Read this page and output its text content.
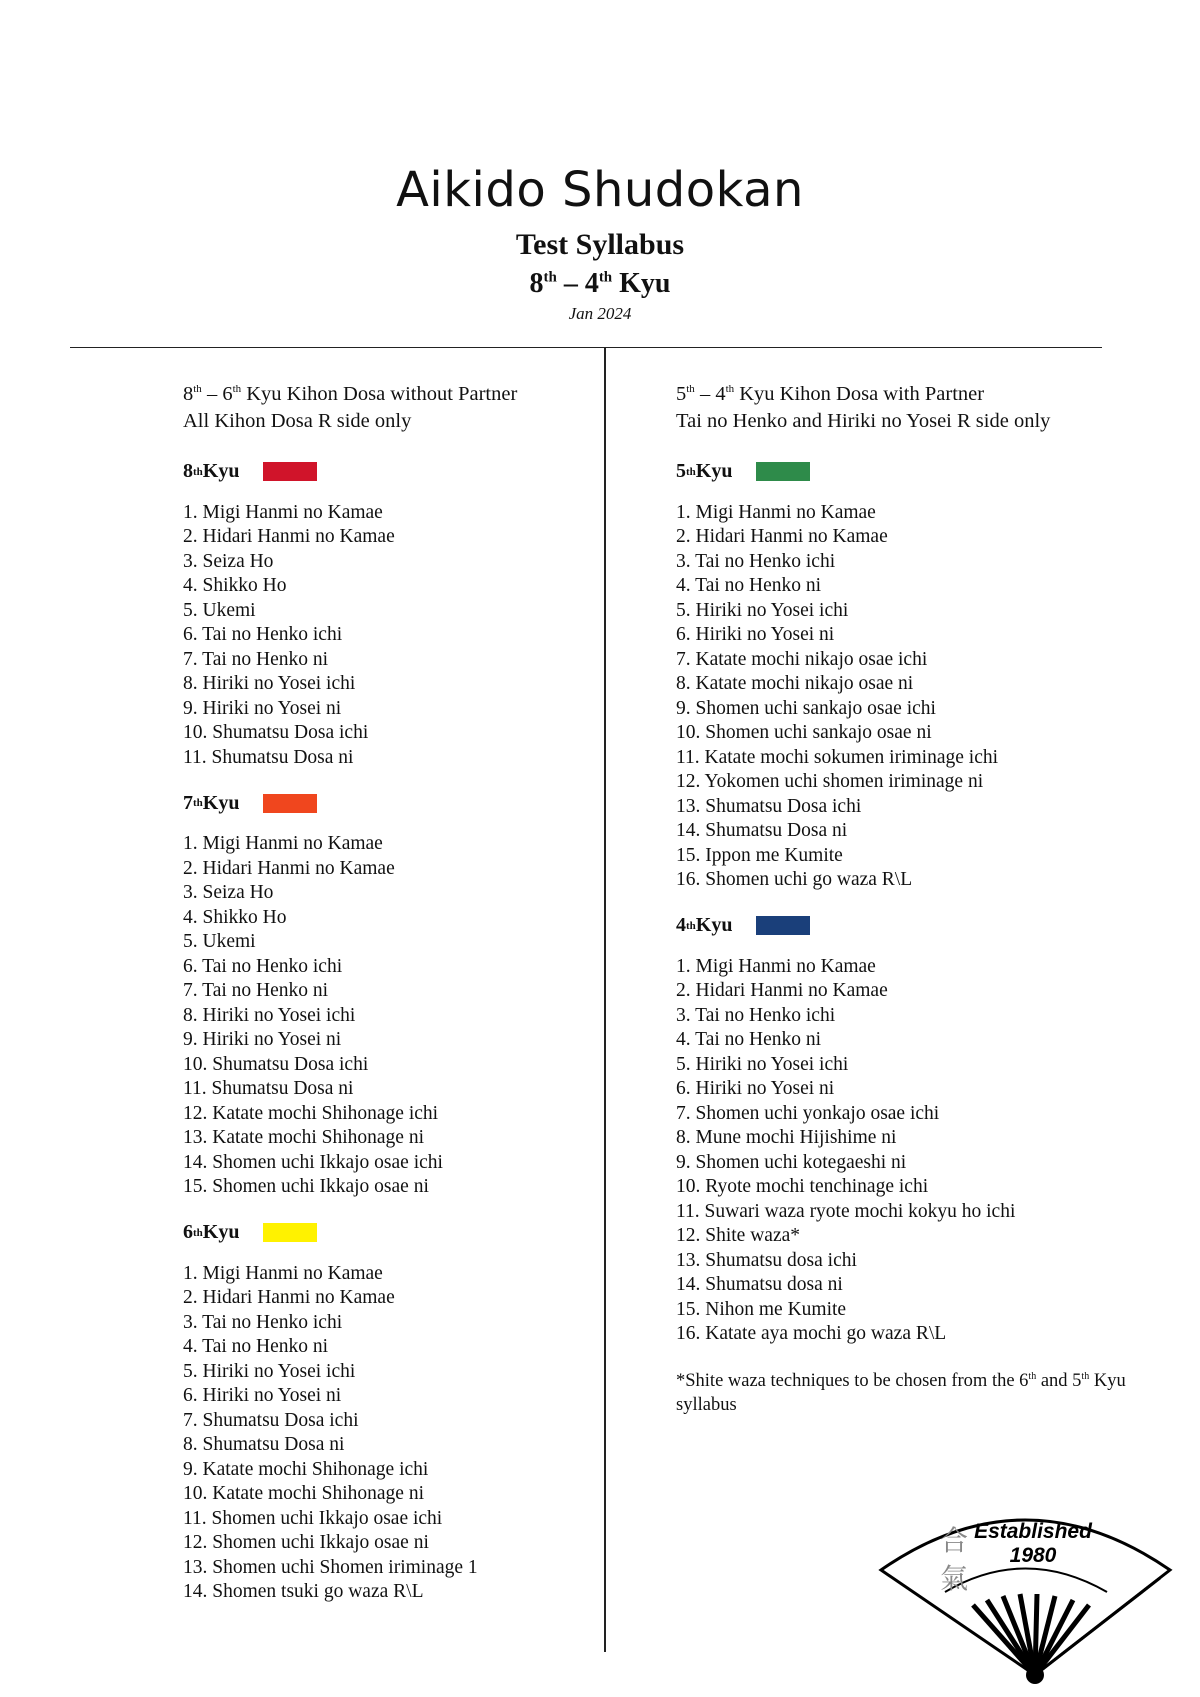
Aikido Shudokan
Test Syllabus
8th – 4th Kyu
Jan 2024
8th – 6th Kyu Kihon Dosa without Partner
All Kihon Dosa R side only
8 th Kyu
1. Migi Hanmi no Kamae
2. Hidari Hanmi no Kamae
3. Seiza Ho
4. Shikko Ho
5. Ukemi
6. Tai no Henko ichi
7. Tai no Henko ni
8. Hiriki no Yosei ichi
9. Hiriki no Yosei ni
10. Shumatsu Dosa ichi
11. Shumatsu Dosa ni
7 th Kyu
1. Migi Hanmi no Kamae
2. Hidari Hanmi no Kamae
3. Seiza Ho
4. Shikko Ho
5. Ukemi
6. Tai no Henko ichi
7. Tai no Henko ni
8. Hiriki no Yosei ichi
9. Hiriki no Yosei ni
10. Shumatsu Dosa ichi
11. Shumatsu Dosa ni
12. Katate mochi Shihonage ichi
13. Katate mochi Shihonage ni
14. Shomen uchi Ikkajo osae ichi
15. Shomen uchi Ikkajo osae ni
6 th Kyu
1. Migi Hanmi no Kamae
2. Hidari Hanmi no Kamae
3. Tai no Henko ichi
4. Tai no Henko ni
5. Hiriki no Yosei ichi
6. Hiriki no Yosei ni
7. Shumatsu Dosa ichi
8. Shumatsu Dosa ni
9. Katate mochi Shihonage ichi
10. Katate mochi Shihonage ni
11. Shomen uchi Ikkajo osae ichi
12. Shomen uchi Ikkajo osae ni
13. Shomen uchi Shomen iriminage 1
14. Shomen tsuki go waza R\L
5th – 4th Kyu Kihon Dosa with Partner
Tai no Henko and Hiriki no Yosei R side only
5 th Kyu
1. Migi Hanmi no Kamae
2. Hidari Hanmi no Kamae
3. Tai no Henko ichi
4. Tai no Henko ni
5. Hiriki no Yosei ichi
6. Hiriki no Yosei ni
7. Katate mochi nikajo osae ichi
8. Katate mochi nikajo osae ni
9. Shomen uchi sankajo osae ichi
10. Shomen uchi sankajo osae ni
11. Katate mochi sokumen iriminage ichi
12. Yokomen uchi shomen iriminage ni
13. Shumatsu Dosa ichi
14. Shumatsu Dosa ni
15. Ippon me Kumite
16. Shomen uchi go waza R\L
4 th Kyu
1. Migi Hanmi no Kamae
2. Hidari Hanmi no Kamae
3. Tai no Henko ichi
4. Tai no Henko ni
5. Hiriki no Yosei ichi
6. Hiriki no Yosei ni
7. Shomen uchi yonkajo osae ichi
8. Mune mochi Hijishime ni
9. Shomen uchi kotegaeshi ni
10. Ryote mochi tenchinage ichi
11. Suwari waza ryote mochi kokyu ho ichi
12. Shite waza*
13. Shumatsu dosa ichi
14. Shumatsu dosa ni
15. Nihon me Kumite
16. Katate aya mochi go waza R\L
*Shite waza techniques to be chosen from the 6th and 5th Kyu
syllabus
合
氣
Established
1980
